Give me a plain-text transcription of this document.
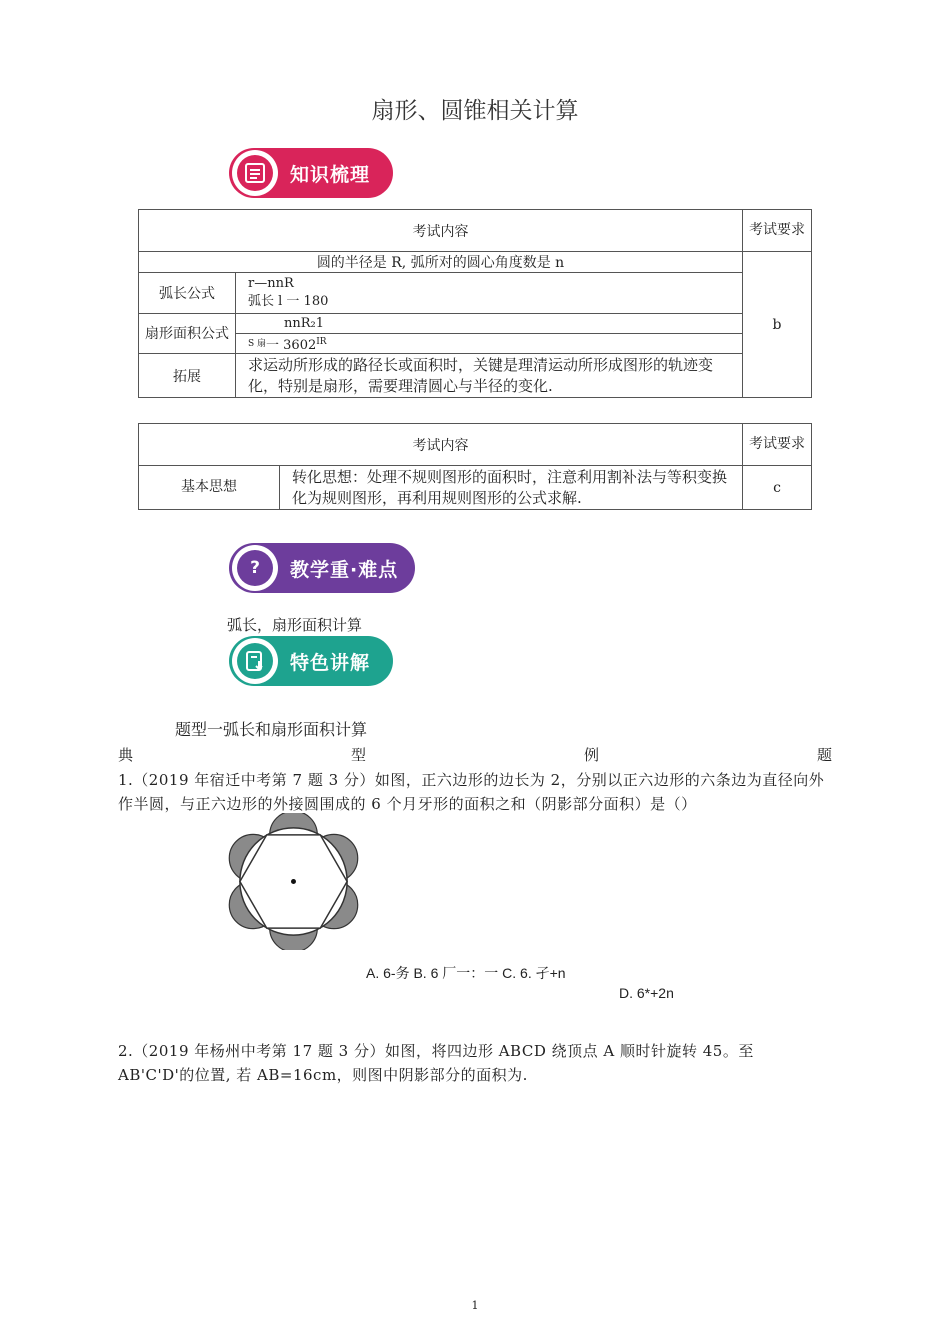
扇形、圆锥相关计算
知识梳理
考试内容		考试要求
圆的半径是 R, 弧所对的圆心角度数是 n		b
弧长公式	r—nnR
弧长 l 一 180	

扇形面积公式	nnR₂1	
	$^{S 扇}$一 $3602^{IR}$
拓展	求运动所形成的路径长或面积时，关键是理清运动所形成图形的轨迹变化，特别是扇形，需要理清圆心与半径的变化.	
考试内容		考试要求
基本思想	转化思想：处理不规则图形的面积时，注意利用割补法与等积变换化为规则图形，再利用规则图形的公式求解.	c
?	教学重·难点
弧长，扇形面积计算
特色讲解
题型一弧长和扇形面积计算
典	型	例	题
1.（2019 年宿迁中考第 7 题 3 分）如图，正六边形的边长为 2，分别以正六边形的六条边为直径向外作半圆，与正六边形的外接圆围成的 6 个月牙形的面积之和（阴影部分面积）是（）
A. 6-务 B. 6 厂一：一 C. 6. 孑+n
D. 6*+2n
2.（2019 年杨州中考第 17 题 3 分）如图，将四边形 ABCD 绕顶点 A 顺时针旋转 45。至 AB'C'D'的位置, 若 AB=16cm，则图中阴影部分的面积为.
1
